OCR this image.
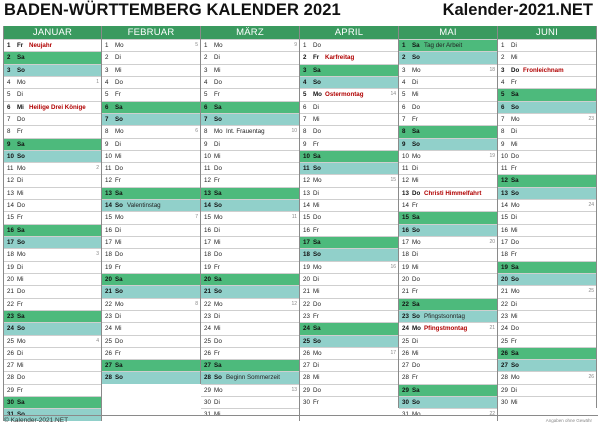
BADEN-WÜRTTEMBERG KALENDER 2021	Kalender-2021.NET
JANUAR
1	Fr Neujahr
2	Sa
3	So
4	Mo	1
5	Di
6	Mi Heilige Drei Könige
7	Do
8	Fr
9	Sa
10 So
11 Mo	2
12 Di
13 Mi
14 Do
15 Fr
16 Sa
17 So
18 Mo	3
19 Di
20 Mi
21 Do
22 Fr
23 Sa
24 So
25 Mo	4
26 Di
27 Mi
28 Do
29 Fr
30 Sa
31 So
FEBRUAR
1	Mo	5
2	Di
3	Mi
4	Do
5	Fr
6	Sa
7	So
8	Mo	6
9	Di
10 Mi
11 Do
12 Fr
13 Sa
14 So Valentinstag
15 Mo	7
16 Di
17 Mi
18 Do
19 Fr
20 Sa
21 So
22 Mo	8
23 Di
24 Mi
25 Do
26 Fr
27 Sa
28 So
MÄRZ
1	Mo	9
2	Di
3	Mi
4	Do
5	Fr
6	Sa
7	So
8	Mo Int. Frauentag	10
9	Di
10 Mi
11 Do
12 Fr
13 Sa
14 So
15 Mo	11
16 Di
17 Mi
18 Do
19 Fr
20 Sa
21 So
22 Mo	12
23 Di
24 Mi
25 Do
26 Fr
27 Sa
28 So Beginn Sommerzeit
29 Mo	13
30 Di
31 Mi
APRIL
1	Do
2	Fr Karfreitag
3	Sa
4	So
5	Mo Ostermontag	14
6	Di
7	Mi
8	Do
9	Fr
10 Sa
11 So
12 Mo	15
13 Di
14 Mi
15 Do
16 Fr
17 Sa
18 So
19 Mo	16
20 Di
21 Mi
22 Do
23 Fr
24 Sa
25 So
26 Mo	17
27 Di
28 Mi
29 Do
30 Fr
MAI
1	Sa Tag der Arbeit
2	So
3	Mo	18
4	Di
5	Mi
6	Do
7	Fr
8	Sa
9	So
10 Mo	19
11 Di
12 Mi
13 Do Christi Himmelfahrt
14 Fr
15 Sa
16 So
17 Mo	20
18 Di
19 Mi
20 Do
21 Fr
22 Sa
23 So Pfingstsonntag
24 Mo Pfingstmontag	21
25 Di
26 Mi
27 Do
28 Fr
29 Sa
30 So
31 Mo	22
JUNI
1	Di
2	Mi
3	Do Fronleichnam
4	Fr
5	Sa
6	So
7	Mo	23
8	Di
9	Mi
10 Do
11 Fr
12 Sa
13 So
14 Mo	24
15 Di
16 Mi
17 Do
18 Fr
19 Sa
20 So
21 Mo	25
22 Di
23 Mi
24 Do
25 Fr
26 Sa
27 So
28 Mo	26
29 Di
30 Mi
© Kalender-2021.NET	Angaben ohne Gewähr
